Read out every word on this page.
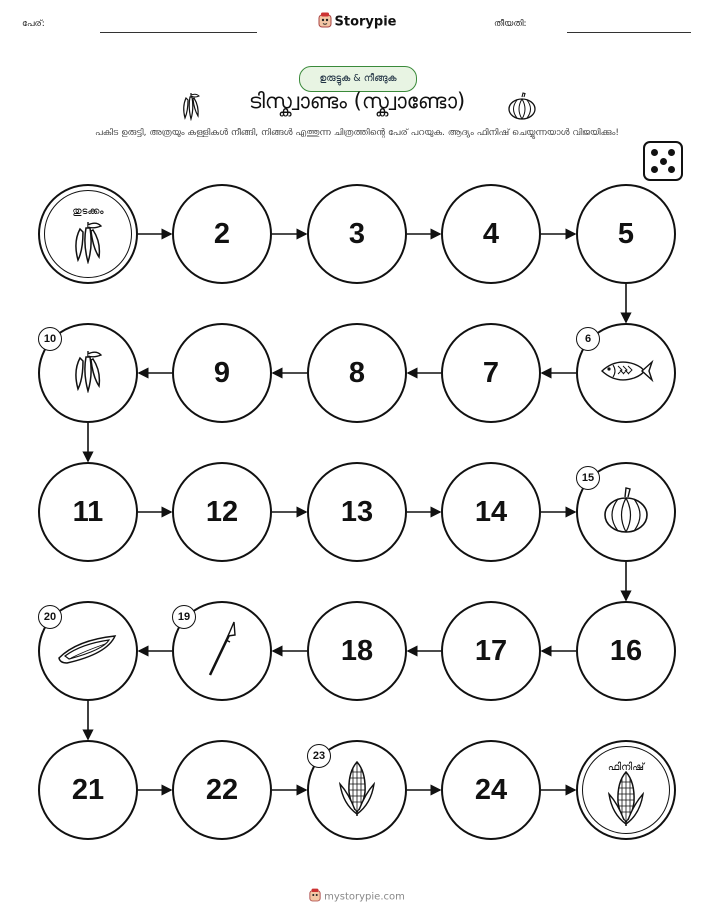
പേര്:	Storypie	തീയതി:
ഉരുട്ടുക & നീങ്ങുക
ടിസ്ക്വാണ്ടം (സ്ക്വാണ്ടോ)
പകിട ഉരുട്ടി, അത്രയും കള്ളികൾ നീങ്ങി, നിങ്ങൾ എത്തുന്ന ചിത്രത്തിന്റെ പേര് പറയുക. ആദ്യം ഫിനിഷ് ചെയ്യുന്നയാൾ വിജയിക്കും!
തുടക്കം
2	3	4	5
6
7
8
9
10
11	12	13	14
15
16
17
18
19
20
21	22
23
24
ഫിനിഷ്
mystorypie.com
